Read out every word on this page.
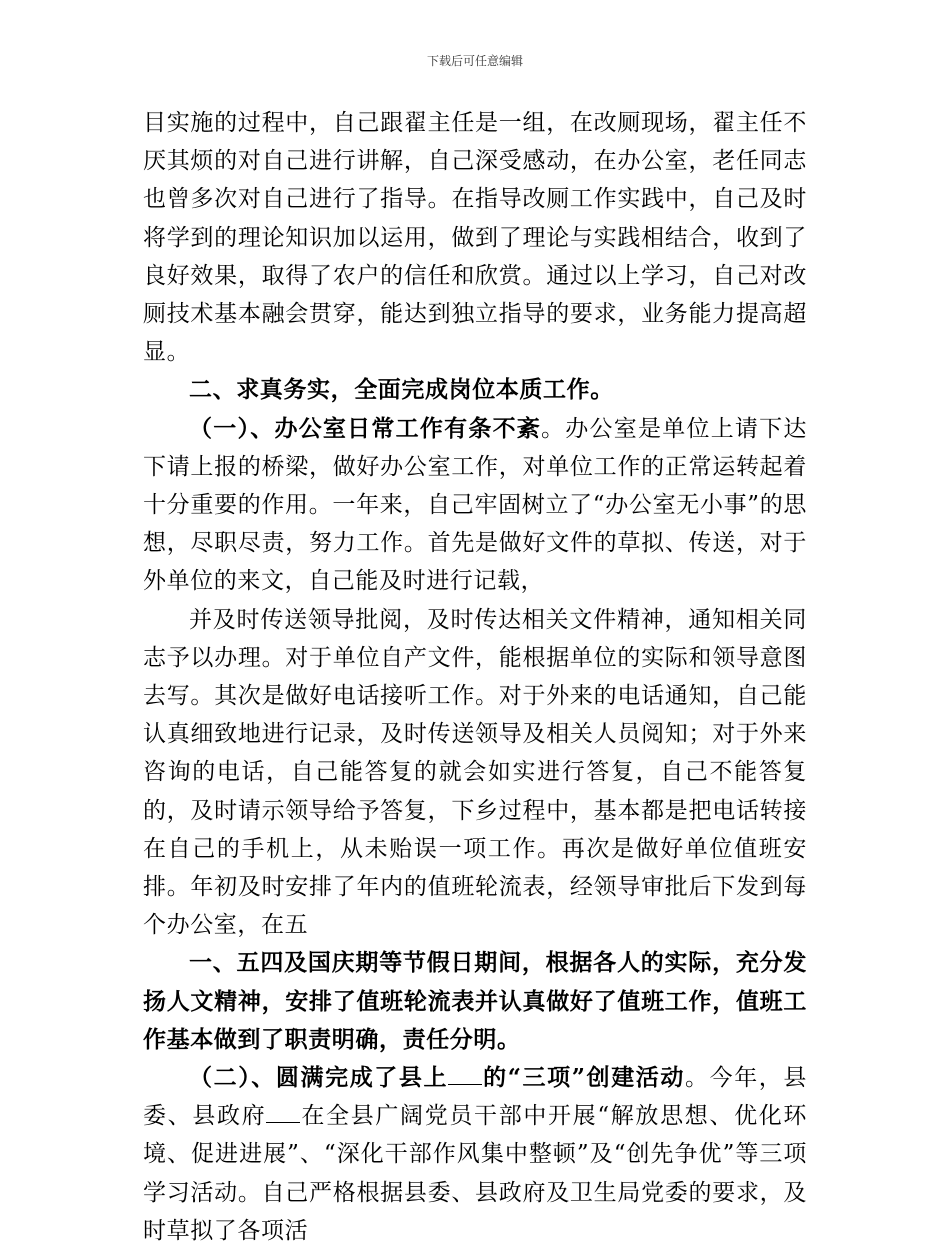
下载后可任意编辑

目实施的过程中，自己跟翟主任是一组，在改厕现场，翟主任不厌其烦的对自己进行讲解，自己深受感动，在办公室，老任同志也曾多次对自己进行了指导。在指导改厕工作实践中，自己及时将学到的理论知识加以运用，做到了理论与实践相结合，收到了良好效果，取得了农户的信任和欣赏。通过以上学习，自己对改厕技术基本融会贯穿，能达到独立指导的要求，业务能力提高超显。

二、求真务实，全面完成岗位本质工作。

（一）、办公室日常工作有条不紊。办公室是单位上请下达下请上报的桥梁，做好办公室工作，对单位工作的正常运转起着十分重要的作用。一年来，自己牢固树立了“办公室无小事”的思想，尽职尽责，努力工作。首先是做好文件的草拟、传送，对于外单位的来文，自己能及时进行记载，

并及时传送领导批阅，及时传达相关文件精神，通知相关同志予以办理。对于单位自产文件，能根据单位的实际和领导意图去写。其次是做好电话接听工作。对于外来的电话通知，自己能认真细致地进行记录，及时传送领导及相关人员阅知；对于外来咨询的电话，自己能答复的就会如实进行答复，自己不能答复的，及时请示领导给予答复，下乡过程中，基本都是把电话转接在自己的手机上，从未贻误一项工作。再次是做好单位值班安排。年初及时安排了年内的值班轮流表，经领导审批后下发到每个办公室，在五

一、五四及国庆期等节假日期间，根据各人的实际，充分发扬人文精神，安排了值班轮流表并认真做好了值班工作，值班工作基本做到了职责明确，责任分明。

（二）、圆满完成了县上 的“三项”创建活动。今年，县委、县政府 在全县广阔党员干部中开展“解放思想、优化环境、促进进展”、“深化干部作风集中整顿”及“创先争优”等三项学习活动。自己严格根据县委、县政府及卫生局党委的要求，及时草拟了各项活
